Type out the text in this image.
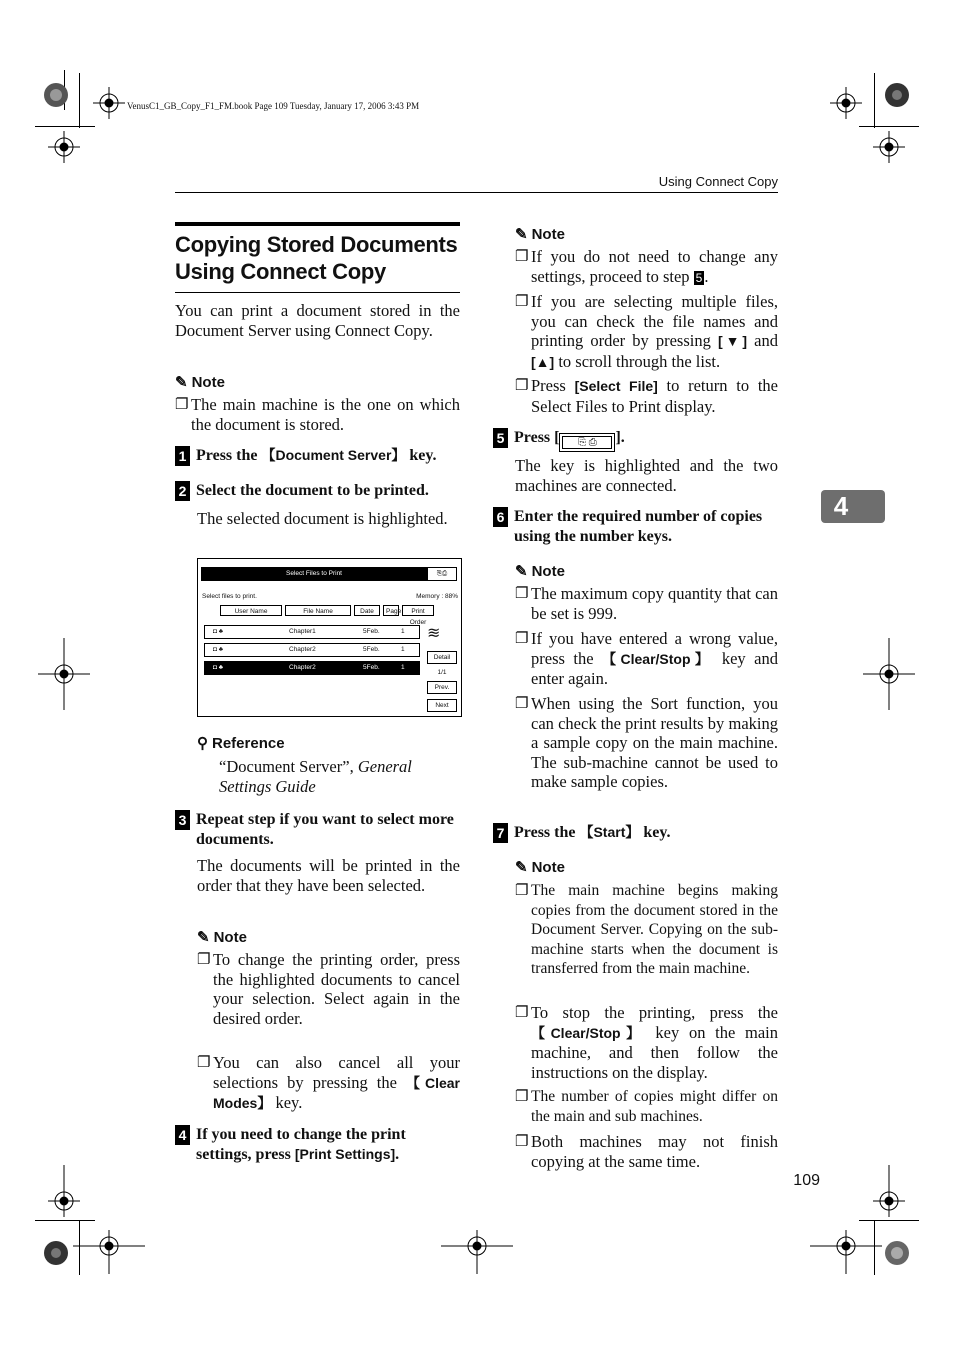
VenusC1_GB_Copy_F1_FM.book Page 109 Tuesday, January 17, 2006 3:43 PM
Using Connect Copy
4
109
Copying Stored Documents
Using Connect Copy
You can print a document stored in the Document Server using Connect Copy.
✎ Note
❐ The main machine is the one on which the document is stored.
1 Press the 【Document Server】 key.
2 Select the document to be printed.
The selected document is highlighted.
Select Files to Print	⎘⎙
Select files to print.	Memory : 88%
User Name	File Name	Date	Page	Print Order
◘ ♣	Chapter1	5Feb.	1
◘ ♣	Chapter2	5Feb.	1
◘ ♣	Chapter2	5Feb.	1
≋
Detail
1/1
Prev.
Next
⚲ Reference
“Document Server”, General Settings Guide
3 Repeat step if you want to select more documents.
The documents will be printed in the order that they have been selected.
✎ Note
❐ To change the printing order, press the highlighted documents to cancel your selection. Select again in the desired order.
❐ You can also cancel all your selections by pressing the 【Clear Modes】 key.
4 If you need to change the print settings, press [Print Settings].
✎ Note
❐ If you do not need to change any settings, proceed to step 5 .
❐ If you are selecting multiple files, you can check the file names and printing order by pressing [▼] and [▲] to scroll through the list.
❐ Press [Select File] to return to the Select Files to Print display.
5 Press [ ⎘ ⎙ ].
The key is highlighted and the two machines are connected.
6 Enter the required number of copies using the number keys.
✎ Note
❐ The maximum copy quantity that can be set is 999.
❐ If you have entered a wrong value, press the 【Clear/Stop】 key and enter again.
❐ When using the Sort function, you can check the print results by making a sample copy on the main machine. The sub-machine cannot be used to make sample copies.
7 Press the 【Start】 key.
✎ Note
❐ The main machine begins making copies from the document stored in the Document Server. Copying on the sub-machine starts when the document is transferred from the main machine.
❐ To stop the printing, press the 【Clear/Stop】 key on the main machine, and then follow the instructions on the display.
❐ The number of copies might differ on the main and sub machines.
❐ Both machines may not finish copying at the same time.
